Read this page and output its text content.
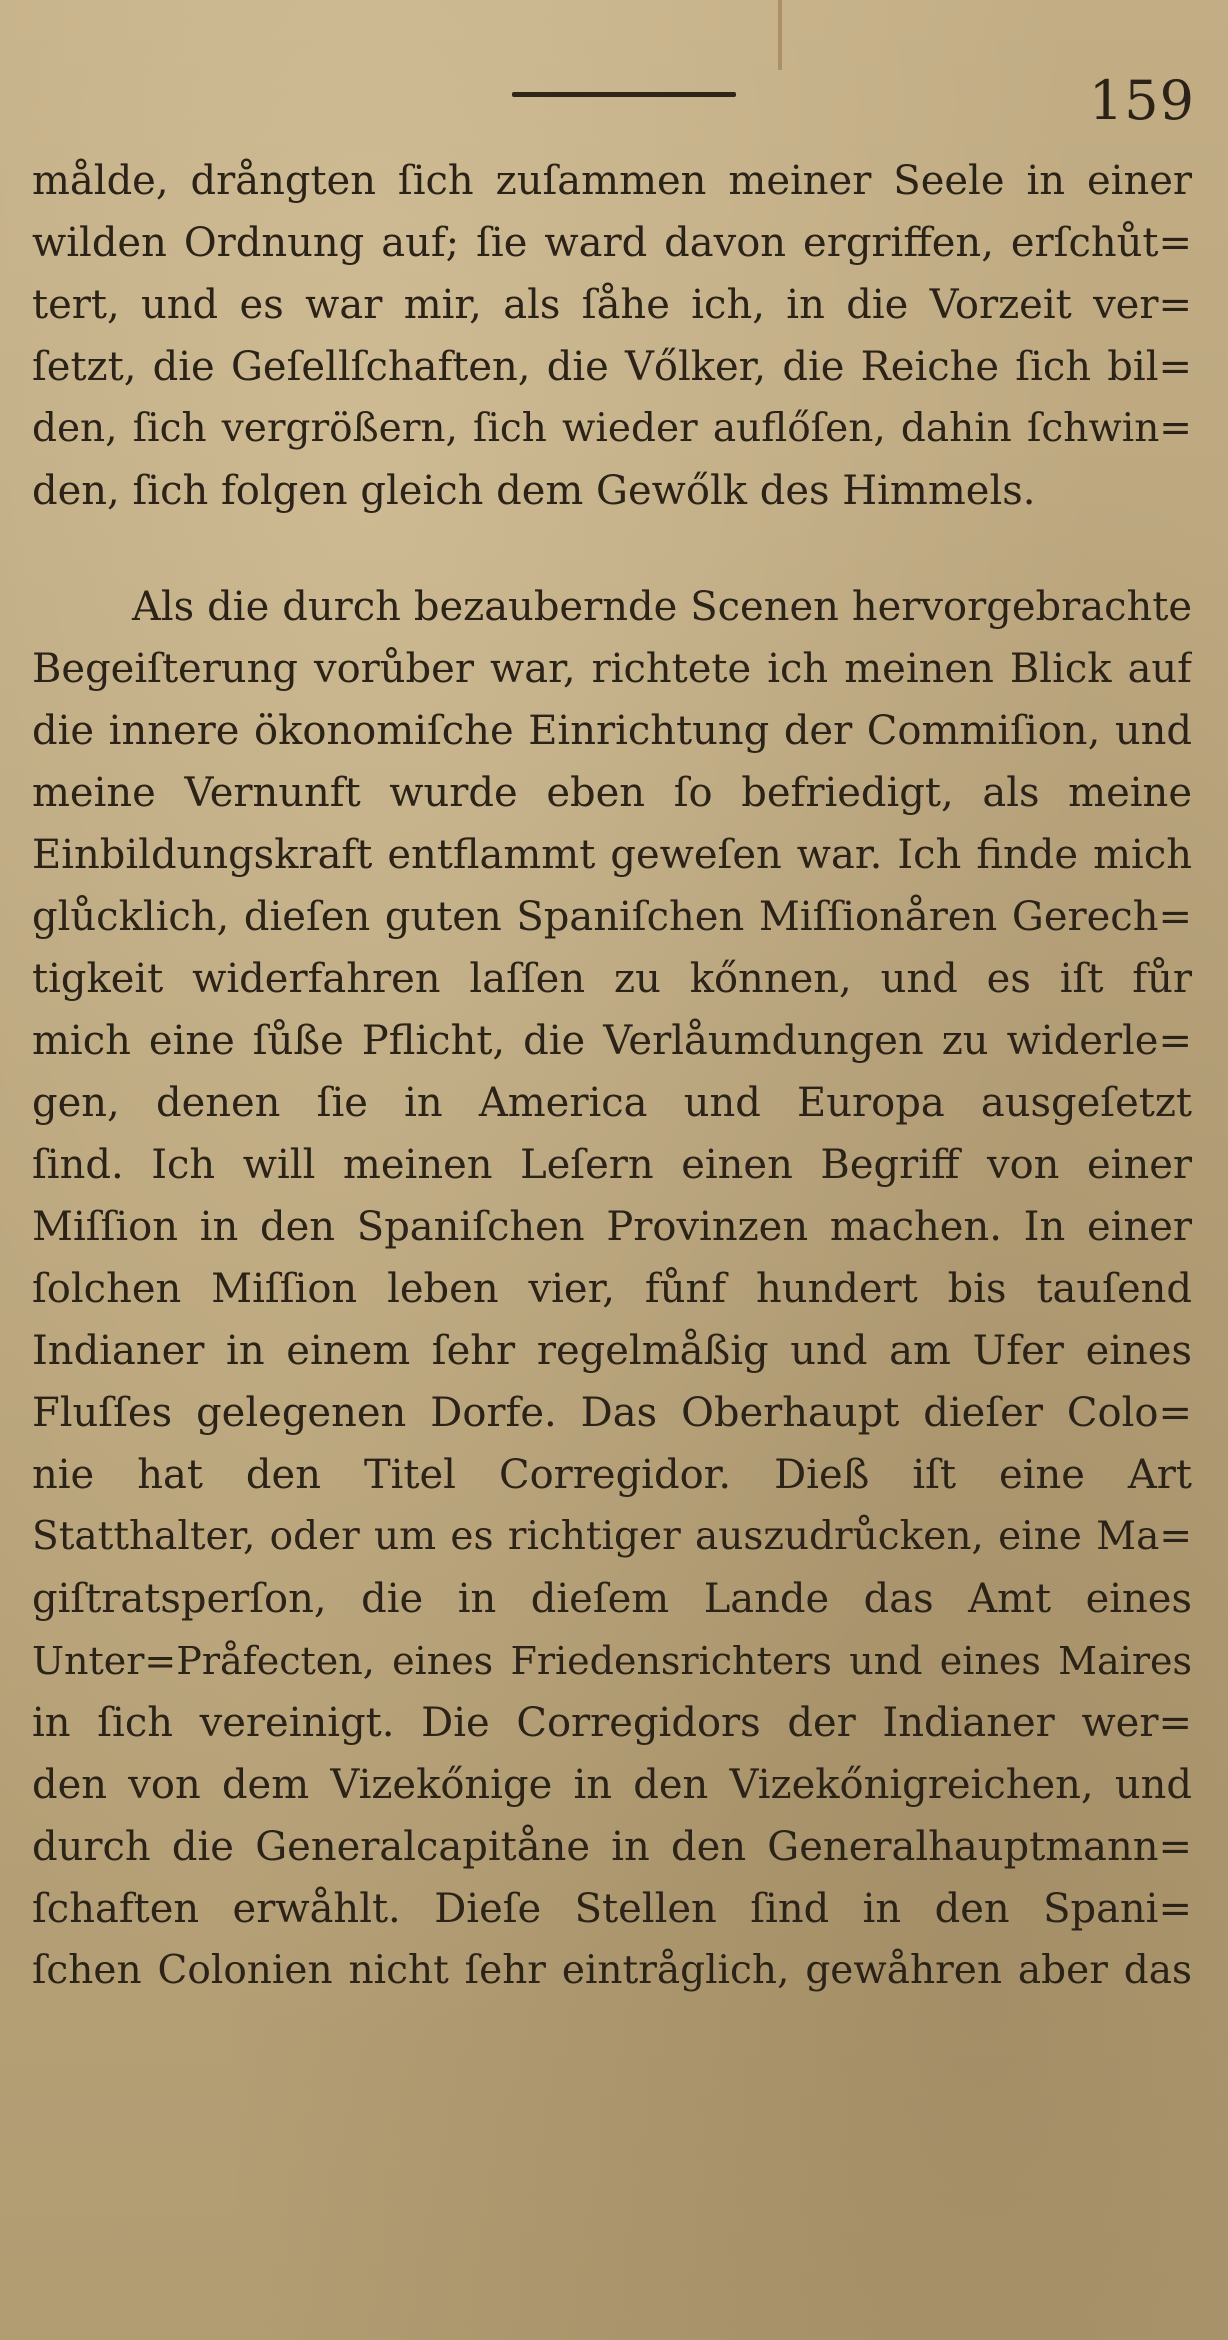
159
målde, drångten ſich zuſammen meiner Seele in einer
wilden Ordnung auf; ſie ward davon ergriffen, erſchůt=
tert, und es war mir, als ſåhe ich, in die Vorzeit ver=
ſetzt, die Geſellſchaften, die Vőlker, die Reiche ſich bil=
den, ſich vergrößern, ſich wieder auflőſen, dahin ſchwin=
den, ſich folgen gleich dem Gewőlk des Himmels.
Als die durch bezaubernde Scenen hervorgebrachte
Begeiſterung vorůber war, richtete ich meinen Blick auf
die innere ökonomiſche Einrichtung der Commiſion, und
meine Vernunft wurde eben ſo befriedigt, als meine
Einbildungskraft entflammt geweſen war. Ich finde mich
glůcklich, dieſen guten Spaniſchen Miſſionåren Gerech=
tigkeit widerfahren laſſen zu kőnnen, und es iſt fůr
mich eine ſůße Pflicht, die Verlåumdungen zu widerle=
gen, denen ſie in America und Europa ausgeſetzt
ſind. Ich will meinen Leſern einen Begriff von einer
Miſſion in den Spaniſchen Provinzen machen. In einer
ſolchen Miſſion leben vier, fůnf hundert bis tauſend
Indianer in einem ſehr regelmåßig und am Ufer eines
Fluſſes gelegenen Dorfe. Das Oberhaupt dieſer Colo=
nie hat den Titel Corregidor. Dieß iſt eine Art
Statthalter, oder um es richtiger auszudrůcken, eine Ma=
giſtratsperſon, die in dieſem Lande das Amt eines
Unter=Pråfecten, eines Friedensrichters und eines Maires
in ſich vereinigt. Die Corregidors der Indianer wer=
den von dem Vizekőnige in den Vizekőnigreichen, und
durch die Generalcapitåne in den Generalhauptmann=
ſchaften erwåhlt. Dieſe Stellen ſind in den Spani=
ſchen Colonien nicht ſehr eintråglich, gewåhren aber das
